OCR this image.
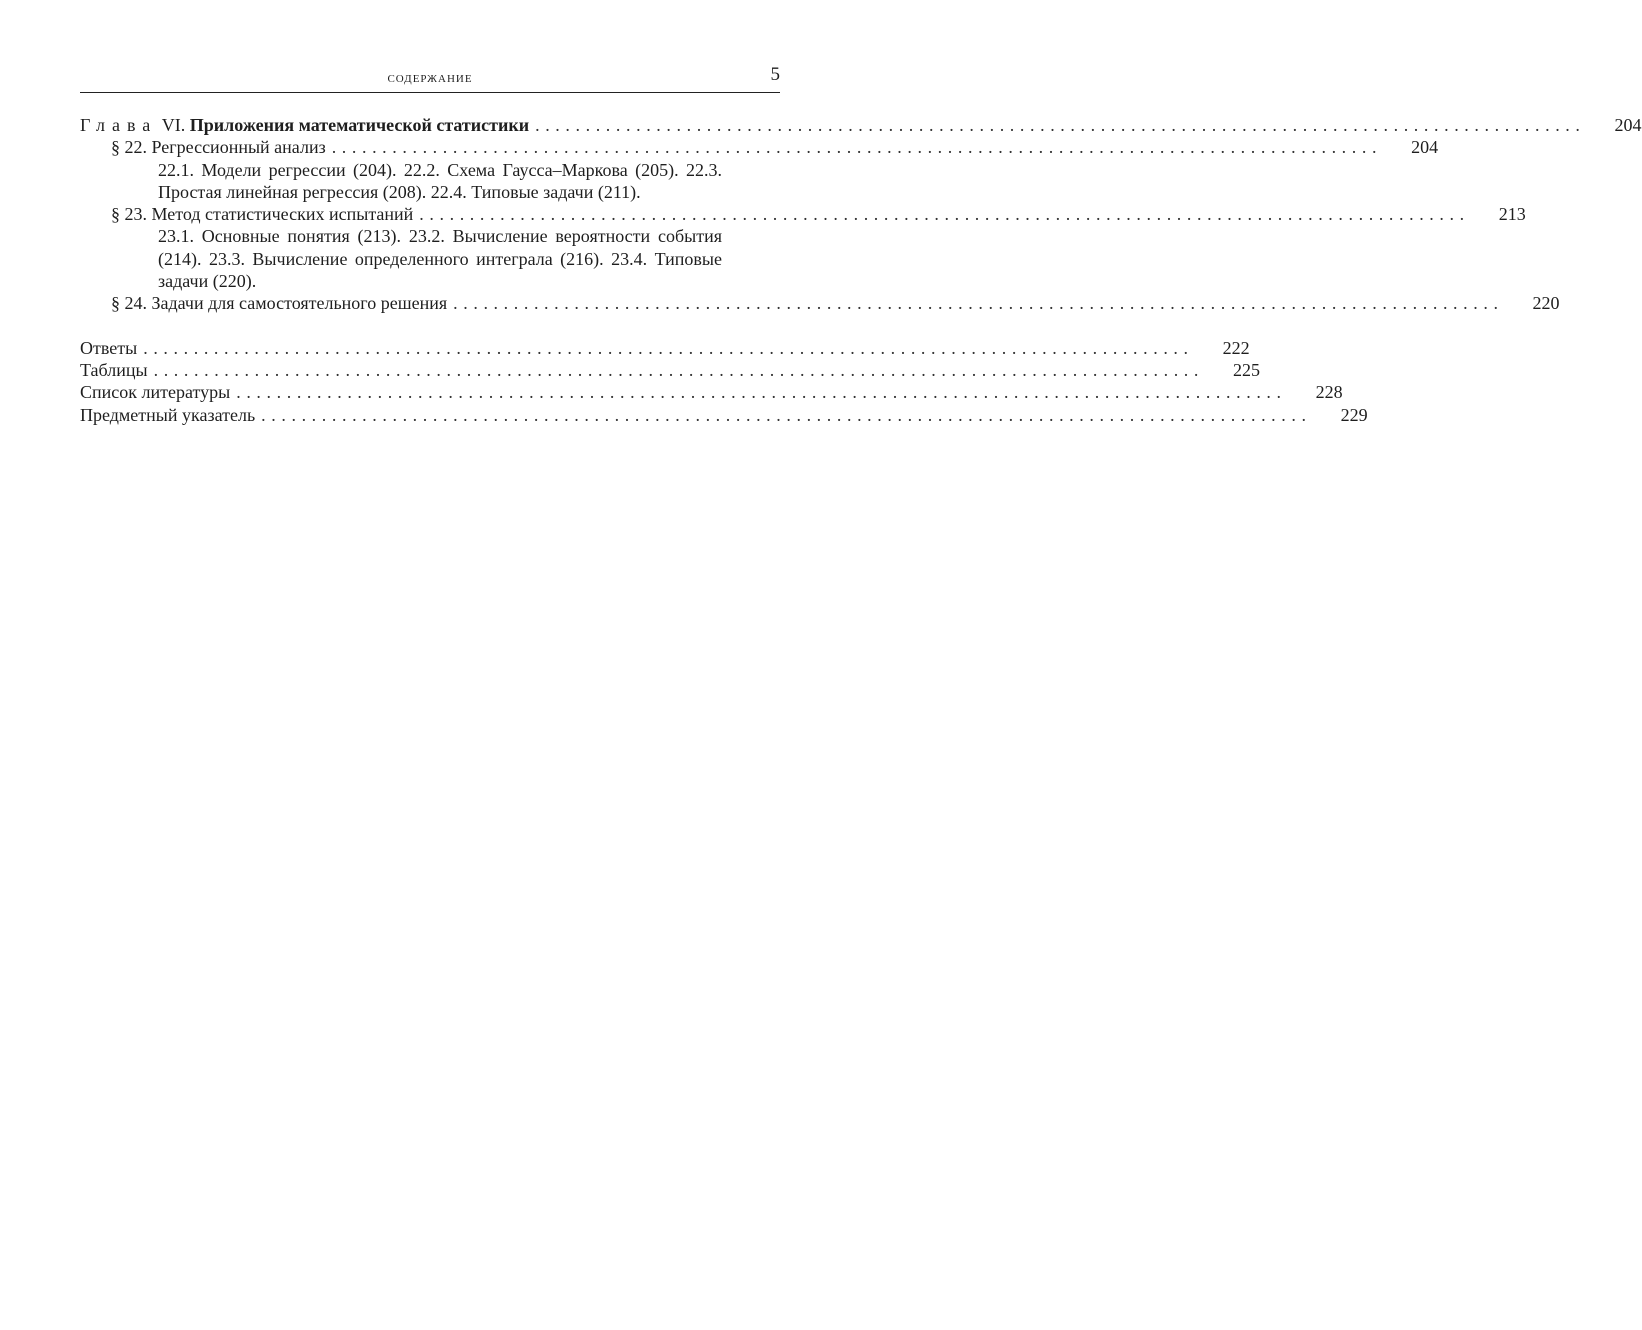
СОДЕРЖАНИЕ	5
Глава VI. Приложения математической статистики ........................................................................................................	204
§ 22. Регрессионный анализ ........................................................................................................	204
22.1. Модели регрессии (204). 22.2. Схема Гаусса–Маркова (205). 22.3. Простая линейная регрессия (208). 22.4. Типовые задачи (211).
§ 23. Метод статистических испытаний ........................................................................................................	213
23.1. Основные понятия (213). 23.2. Вычисление вероятности события (214). 23.3. Вычисление определенного интеграла (216). 23.4. Типовые задачи (220).
§ 24. Задачи для самостоятельного решения ........................................................................................................	220
Ответы ........................................................................................................	222
Таблицы ........................................................................................................	225
Список литературы ........................................................................................................	228
Предметный указатель ........................................................................................................	229
